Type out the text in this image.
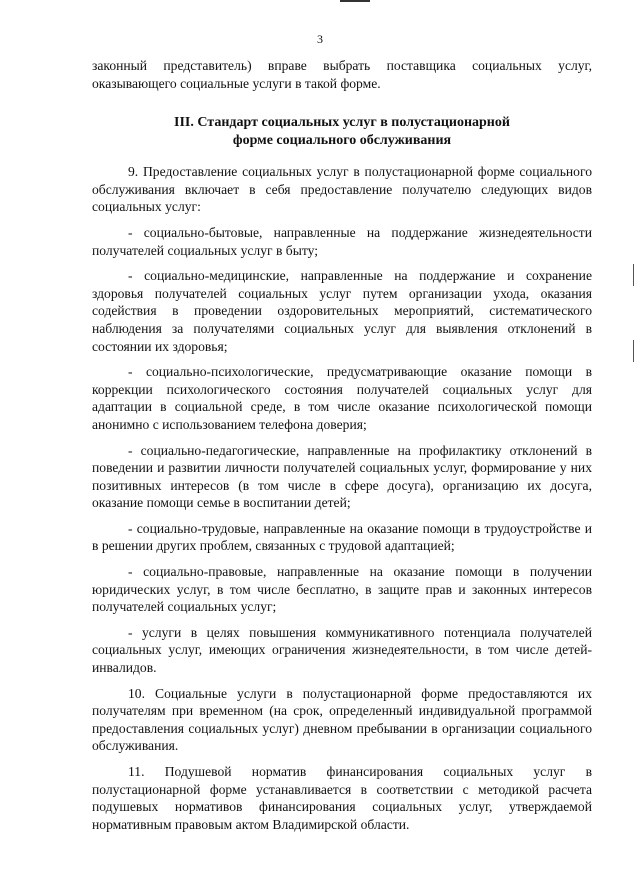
3

законный представитель) вправе выбрать поставщика социальных услуг, оказывающего социальные услуги в такой форме.

III. Стандарт социальных услуг в полустационарной
форме социального обслуживания

9. Предоставление социальных услуг в полустационарной форме социального обслуживания включает в себя предоставление получателю следующих видов социальных услуг:

- социально-бытовые, направленные на поддержание жизнедеятельности получателей социальных услуг в быту;

- социально-медицинские, направленные на поддержание и сохранение здоровья получателей социальных услуг путем организации ухода, оказания содействия в проведении оздоровительных мероприятий, систематического наблюдения за получателями социальных услуг для выявления отклонений в состоянии их здоровья;

- социально-психологические, предусматривающие оказание помощи в коррекции психологического состояния получателей социальных услуг для адаптации в социальной среде, в том числе оказание психологической помощи анонимно с использованием телефона доверия;

- социально-педагогические, направленные на профилактику отклонений в поведении и развитии личности получателей социальных услуг, формирование у них позитивных интересов (в том числе в сфере досуга), организацию их досуга, оказание помощи семье в воспитании детей;

- социально-трудовые, направленные на оказание помощи в трудоустройстве и в решении других проблем, связанных с трудовой адаптацией;

- социально-правовые, направленные на оказание помощи в получении юридических услуг, в том числе бесплатно, в защите прав и законных интересов получателей социальных услуг;

- услуги в целях повышения коммуникативного потенциала получателей социальных услуг, имеющих ограничения жизнедеятельности, в том числе детей-инвалидов.

10. Социальные услуги в полустационарной форме предоставляются их получателям при временном (на срок, определенный индивидуальной программой предоставления социальных услуг) дневном пребывании в организации социального обслуживания.

11. Подушевой норматив финансирования социальных услуг в полустационарной форме устанавливается в соответствии с методикой расчета подушевых нормативов финансирования социальных услуг, утверждаемой нормативным правовым актом Владимирской области.
